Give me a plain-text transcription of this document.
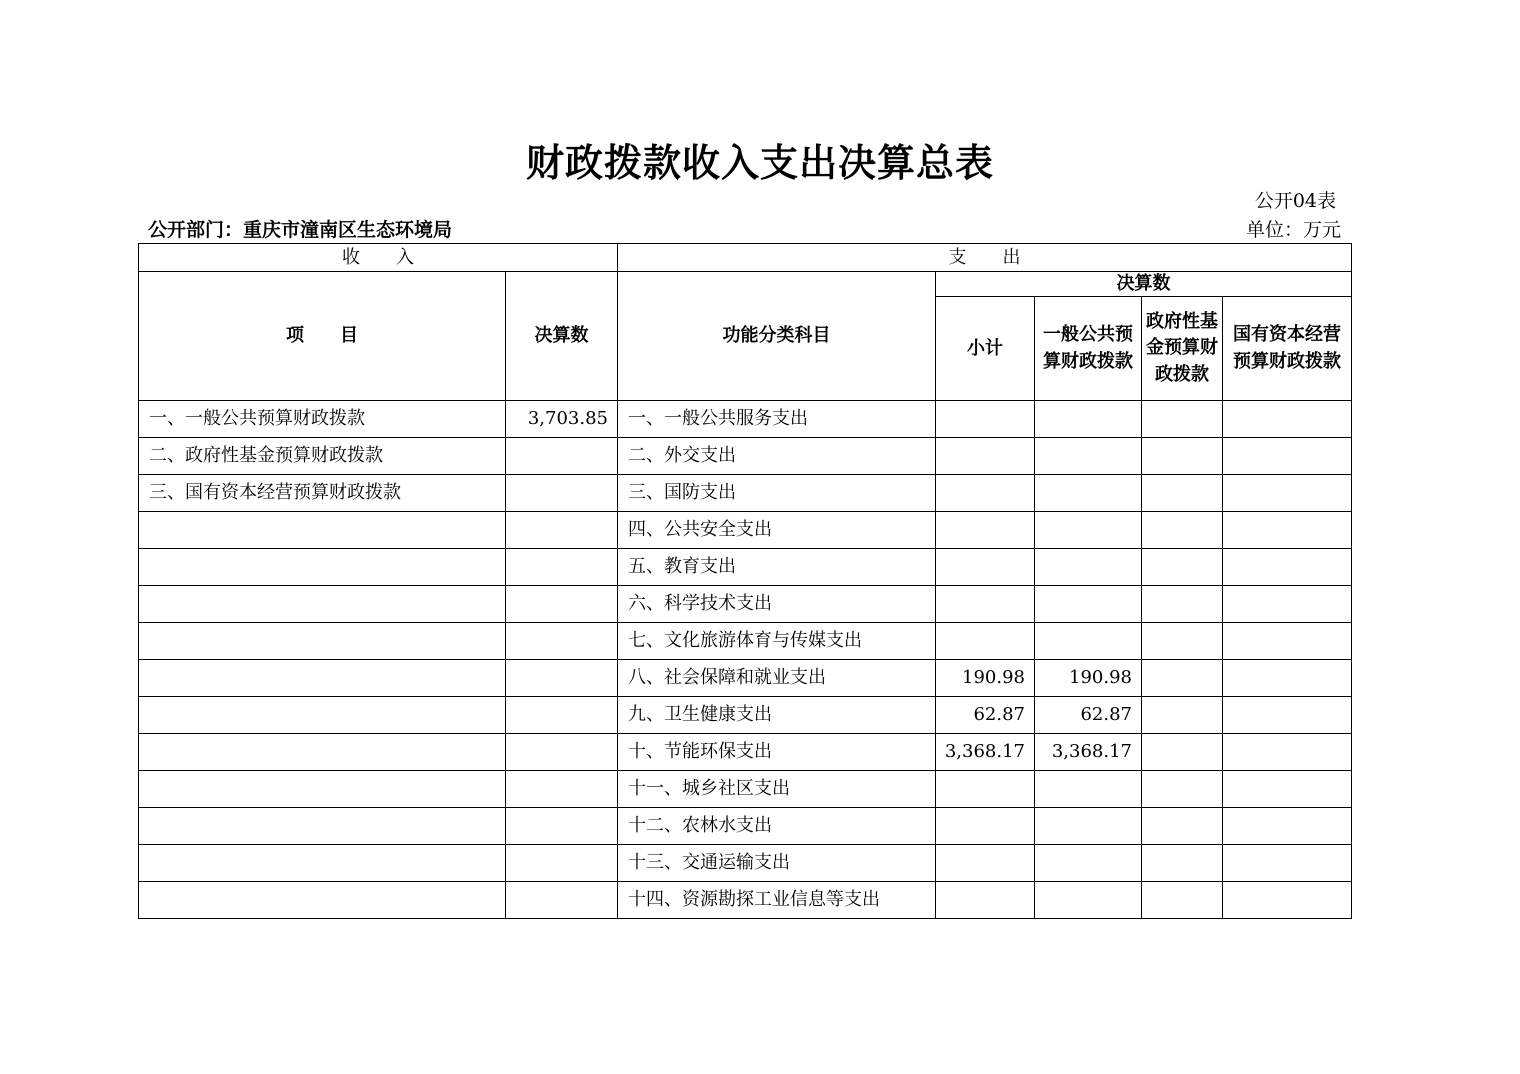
财政拨款收入支出决算总表
公开04表
公开部门：重庆市潼南区生态环境局	单位：万元
收　　入		支　　出				
项　　目	决算数	功能分类科目	决算数			
			小计	一般公共预算财政拨款	政府性基金预算财政拨款	国有资本经营预算财政拨款
一、一般公共预算财政拨款	3,703.85	一、一般公共服务支出				
二、政府性基金预算财政拨款		二、外交支出				
三、国有资本经营预算财政拨款		三、国防支出				
		四、公共安全支出				
		五、教育支出				
		六、科学技术支出				
		七、文化旅游体育与传媒支出				
		八、社会保障和就业支出	190.98	190.98		
		九、卫生健康支出	62.87	62.87		
		十、节能环保支出	3,368.17	3,368.17		
		十一、城乡社区支出				
		十二、农林水支出				
		十三、交通运输支出				
		十四、资源勘探工业信息等支出				
